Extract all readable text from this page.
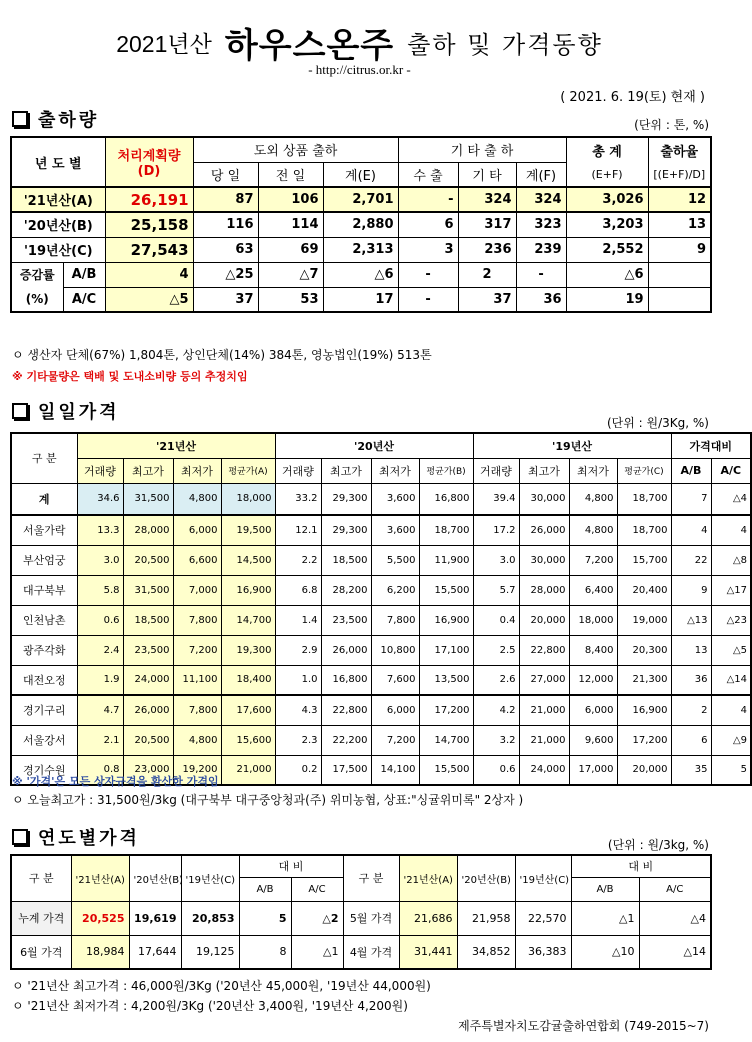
2021년산 하우스온주 출하 및 가격동향
- http://citrus.or.kr -
( 2021. 6. 19(토) 현재 )
출하량	(단위 : 톤, %)
년 도 별		처리계획량
(D)	도외 상품 출하			기 타 출 하			총 계	출하율
			당 일	전 일	계(E)	수 출	기 타	계(F)	(E+F)	[(E+F)/D]
'21년산(A)		26,191	87	106	2,701	-	324	324	3,026	12
'20년산(B)		25,158	116	114	2,880	6	317	323	3,203	13
'19년산(C)		27,543	63	69	2,313	3	236	239	2,552	9
증감률	A/B	4	△25	△7	△6	-	2	-	△6	
(%)	A/C	△5	37	53	17	-	37	36	19	
ㅇ 생산자 단체(67%) 1,804톤, 상인단체(14%) 384톤, 영농법인(19%) 513톤
※ 기타물량은 택배 및 도내소비량 등의 추정치임
일일가격	(단위 : 원/3Kg, %)
구 분	'21년산				'20년산				'19년산				가격대비	
	거래량	최고가	최저가	평균가(A)	거래량	최고가	최저가	평균가(B)	거래량	최고가	최저가	평균가(C)	A/B	A/C
계	34.6	31,500	4,800	18,000	33.2	29,300	3,600	16,800	39.4	30,000	4,800	18,700	7	△4
서울가락	13.3	28,000	6,000	19,500	12.1	29,300	3,600	18,700	17.2	26,000	4,800	18,700	4	4
부산엄궁	3.0	20,500	6,600	14,500	2.2	18,500	5,500	11,900	3.0	30,000	7,200	15,700	22	△8
대구북부	5.8	31,500	7,000	16,900	6.8	28,200	6,200	15,500	5.7	28,000	6,400	20,400	9	△17
인천남촌	0.6	18,500	7,800	14,700	1.4	23,500	7,800	16,900	0.4	20,000	18,000	19,000	△13	△23
광주각화	2.4	23,500	7,200	19,300	2.9	26,000	10,800	17,100	2.5	22,800	8,400	20,300	13	△5
대전오정	1.9	24,000	11,100	18,400	1.0	16,800	7,600	13,500	2.6	27,000	12,000	21,300	36	△14
경기구리	4.7	26,000	7,800	17,600	4.3	22,800	6,000	17,200	4.2	21,000	6,000	16,900	2	4
서울강서	2.1	20,500	4,800	15,600	2.3	22,200	7,200	14,700	3.2	21,000	9,600	17,200	6	△9
경기수원	0.8	23,000	19,200	21,000	0.2	17,500	14,100	15,500	0.6	24,000	17,000	20,000	35	5
※ '가격'은 모든 상자규격을 환산한 가격임
ㅇ 오늘최고가 : 31,500원/3kg (대구북부 대구중앙청과(주) 위미농협, 상표:"싱귤위미록" 2상자 )
연도별가격	(단위 : 원/3kg, %)
구 분	'21년산(A)	'20년산(B)	'19년산(C)	대 비		구 분	'21년산(A)	'20년산(B)	'19년산(C)	대 비	
				A/B	A/C					A/B	A/C
누계 가격	20,525	19,619	20,853	5	△2	5월 가격	21,686	21,958	22,570	△1	△4
6월 가격	18,984	17,644	19,125	8	△1	4월 가격	31,441	34,852	36,383	△10	△14
ㅇ '21년산 최고가격 : 46,000원/3Kg ('20년산 45,000원, '19년산 44,000원)
ㅇ '21년산 최저가격 : 4,200원/3Kg ('20년산 3,400원, '19년산 4,200원)
제주특별자치도감귤출하연합회 (749-2015~7)
